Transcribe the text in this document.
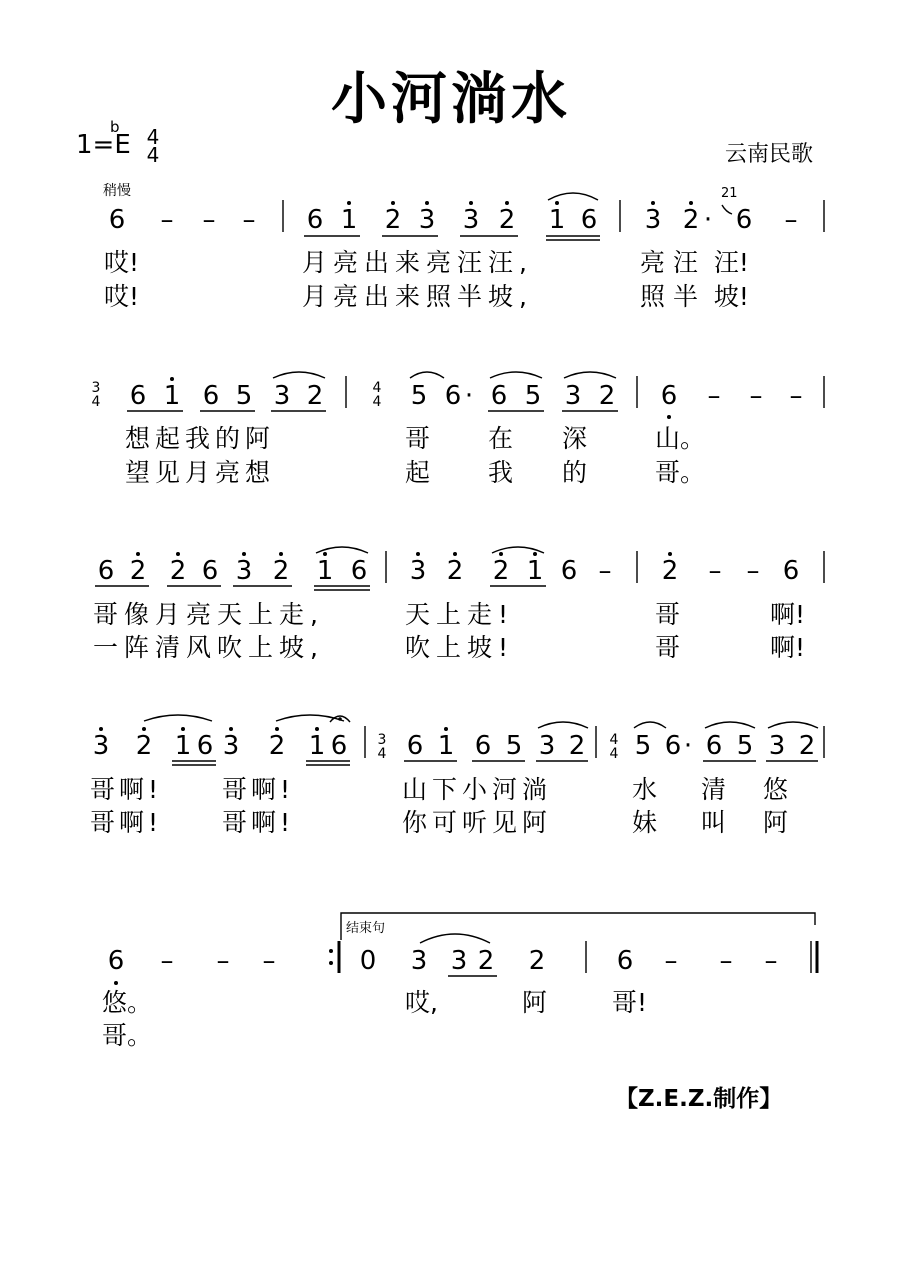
小河淌水
1=E
b 4
4	云南民歌
稍慢
6 – – – 6 1 2 3 3 2 1 6 3 2 · 6 –
21
哎!	月亮出来亮汪汪,	亮 汪  汪!
哎!	月亮出来照半坡,	照 半  坡!
3
4 6 1 6 5 3 2	5 6 · 6 5 3 2 6 – – –
4
4
想起我的阿	哥 在 深	山。
望见月亮想	起 我 的	哥。
6 2 2 6 3 2 1 6 3 2 2 1 6 – 2 – – 6
哥像月亮天上走,	天上走!	哥	啊!
一阵清风吹上坡,	吹上坡!	哥	啊!
3 2 1 6 3 2 1 6 6 1 6 5 3 2 5 6 · 6 5 3 2
3
4
4
4
哥啊! 哥啊!	山下小河淌	水 清 悠
哥啊! 哥啊!	你可听见阿	妹 叫 阿
结束句
6 – – –	0 3 3 2 2	6 – – –
悠。	哎,	阿	哥!
哥。
【Z.E.Z.制作】
